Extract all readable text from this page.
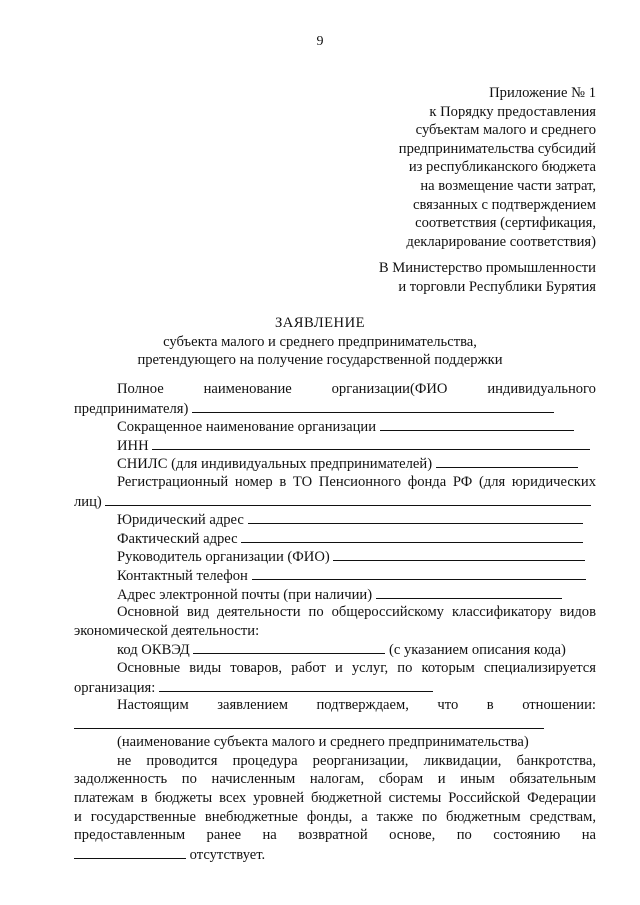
9
Приложение № 1
к Порядку предоставления
субъектам малого и среднего
предпринимательства субсидий
из республиканского бюджета
на возмещение части затрат,
связанных с подтверждением
соответствия (сертификация,
декларирование соответствия)
В Министерство промышленности
и торговли Республики Бурятия
ЗАЯВЛЕНИЕ
субъекта малого и среднего предпринимательства,
претендующего на получение государственной поддержки
Полное	наименование	организации(ФИО	индивидуального
предпринимателя)
Сокращенное наименование организации
ИНН
СНИЛС (для индивидуальных предпринимателей)
Регистрационный номер в ТО Пенсионного фонда РФ (для юридических
лиц)
Юридический адрес
Фактический адрес
Руководитель организации (ФИО)
Контактный телефон
Адрес электронной почты (при наличии)
Основной вид деятельности по общероссийскому классификатору видов
экономической деятельности:
код ОКВЭД	(с указанием описания кода)
Основные виды товаров, работ и услуг, по которым специализируется
организация:
Настоящим заявлением подтверждаем, что в отношении:
(наименование субъекта малого и среднего предпринимательства)
не проводится процедура реорганизации, ликвидации, банкротства,
задолженность по начисленным налогам, сборам и иным обязательным
платежам в бюджеты всех уровней бюджетной системы Российской Федерации
и государственные внебюджетные фонды, а также по бюджетным средствам,
предоставленным ранее на возвратной основе, по состоянию на
отсутствует.
